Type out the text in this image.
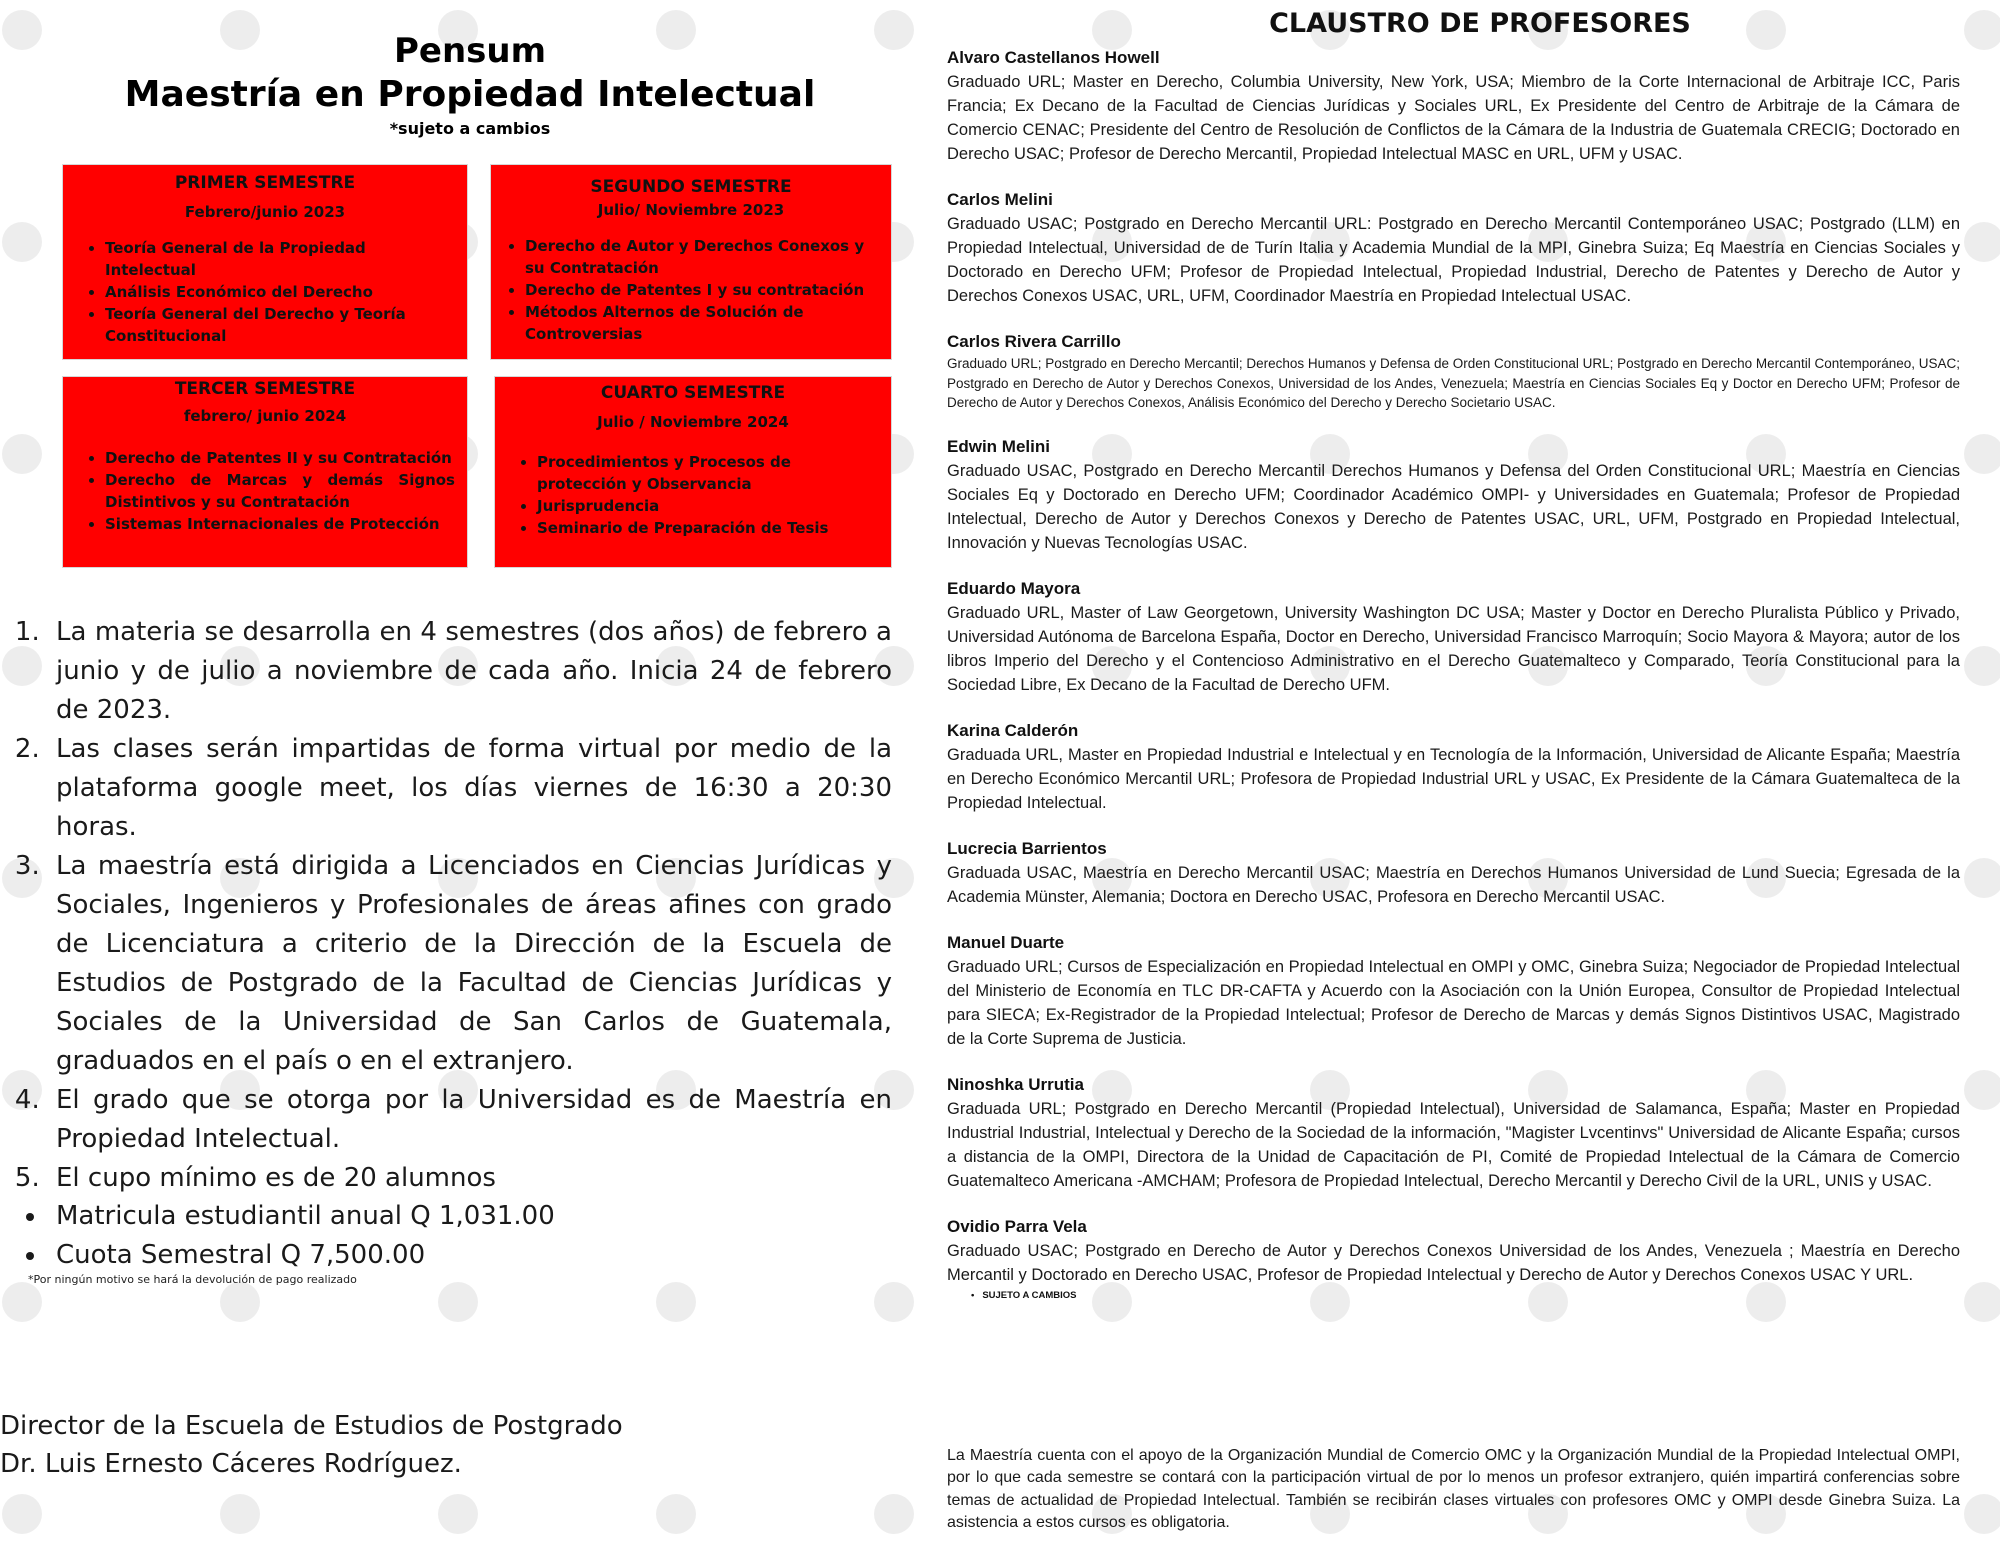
Pensum
Maestría en Propiedad Intelectual
*sujeto a cambios
PRIMER SEMESTRE
Febrero/junio 2023
• Teoría General de la Propiedad Intelectual
• Análisis Económico del Derecho
• Teoría General del Derecho y Teoría Constitucional
SEGUNDO SEMESTRE
Julio/ Noviembre 2023
• Derecho de Autor y Derechos Conexos y su Contratación
• Derecho de Patentes I y su contratación
• Métodos Alternos de Solución de Controversias
TERCER SEMESTRE
febrero/ junio 2024
• Derecho de Patentes II y su Contratación
• Derecho de Marcas y demás Signos Distintivos y su Contratación
• Sistemas Internacionales de Protección
CUARTO SEMESTRE
Julio / Noviembre 2024
• Procedimientos y Procesos de protección y Observancia
• Jurisprudencia
• Seminario de Preparación de Tesis
1. La materia se desarrolla en 4 semestres (dos años) de febrero a junio y de julio a noviembre de cada año. Inicia 24 de febrero de 2023.
2. Las clases serán impartidas de forma virtual por medio de la plataforma google meet, los días viernes de 16:30 a 20:30 horas.
3. La maestría está dirigida a Licenciados en Ciencias Jurídicas y Sociales, Ingenieros y Profesionales de áreas afines con grado de Licenciatura a criterio de la Dirección de la Escuela de Estudios de Postgrado de la Facultad de Ciencias Jurídicas y Sociales de la Universidad de San Carlos de Guatemala, graduados en el país o en el extranjero.
4. El grado que se otorga por la Universidad es de Maestría en Propiedad Intelectual.
5. El cupo mínimo es de 20 alumnos
• Matricula estudiantil anual Q 1,031.00
• Cuota Semestral Q 7,500.00
*Por ningún motivo se hará la devolución de pago realizado
Director de la Escuela de Estudios de Postgrado
Dr. Luis Ernesto Cáceres Rodríguez.
CLAUSTRO DE PROFESORES
Alvaro Castellanos Howell
Graduado URL; Master en Derecho, Columbia University, New York, USA; Miembro de la Corte Internacional de Arbitraje ICC, Paris Francia; Ex Decano de la Facultad de Ciencias Jurídicas y Sociales URL, Ex Presidente del Centro de Arbitraje de la Cámara de Comercio CENAC; Presidente del Centro de Resolución de Conflictos de la Cámara de la Industria de Guatemala CRECIG; Doctorado en Derecho USAC; Profesor de Derecho Mercantil, Propiedad Intelectual MASC en URL, UFM y USAC.
Carlos Melini
Graduado USAC; Postgrado en Derecho Mercantil URL: Postgrado en Derecho Mercantil Contemporáneo USAC; Postgrado (LLM) en Propiedad Intelectual, Universidad de de Turín Italia y Academia Mundial de la MPI, Ginebra Suiza; Eq Maestría en Ciencias Sociales y Doctorado en Derecho UFM; Profesor de Propiedad Intelectual, Propiedad Industrial, Derecho de Patentes y Derecho de Autor y Derechos Conexos USAC, URL, UFM, Coordinador Maestría en Propiedad Intelectual USAC.
Carlos Rivera Carrillo
Graduado URL; Postgrado en Derecho Mercantil; Derechos Humanos y Defensa de Orden Constitucional URL; Postgrado en Derecho Mercantil Contemporáneo, USAC; Postgrado en Derecho de Autor y Derechos Conexos, Universidad de los Andes, Venezuela; Maestría en Ciencias Sociales Eq y Doctor en Derecho UFM; Profesor de Derecho de Autor y Derechos Conexos, Análisis Económico del Derecho y Derecho Societario USAC.
Edwin Melini
Graduado USAC, Postgrado en Derecho Mercantil Derechos Humanos y Defensa del Orden Constitucional URL; Maestría en Ciencias Sociales Eq y Doctorado en Derecho UFM; Coordinador Académico OMPI- y Universidades en Guatemala; Profesor de Propiedad Intelectual, Derecho de Autor y Derechos Conexos y Derecho de Patentes USAC, URL, UFM, Postgrado en Propiedad Intelectual, Innovación y Nuevas Tecnologías USAC.
Eduardo Mayora
Graduado URL, Master of Law Georgetown, University Washington DC USA; Master y Doctor en Derecho Pluralista Público y Privado, Universidad Autónoma de Barcelona España, Doctor en Derecho, Universidad Francisco Marroquín; Socio Mayora & Mayora; autor de los libros Imperio del Derecho y el Contencioso Administrativo en el Derecho Guatemalteco y Comparado, Teoría Constitucional para la Sociedad Libre, Ex Decano de la Facultad de Derecho UFM.
Karina Calderón
Graduada URL, Master en Propiedad Industrial e Intelectual y en Tecnología de la Información, Universidad de Alicante España; Maestría en Derecho Económico Mercantil URL; Profesora de Propiedad Industrial URL y USAC, Ex Presidente de la Cámara Guatemalteca de la Propiedad Intelectual.
Lucrecia Barrientos
Graduada USAC, Maestría en Derecho Mercantil USAC; Maestría en Derechos Humanos Universidad de Lund Suecia; Egresada de la Academia Münster, Alemania; Doctora en Derecho USAC, Profesora en Derecho Mercantil USAC.
Manuel Duarte
Graduado URL; Cursos de Especialización en Propiedad Intelectual en OMPI y OMC, Ginebra Suiza; Negociador de Propiedad Intelectual del Ministerio de Economía en TLC DR-CAFTA y Acuerdo con la Asociación con la Unión Europea, Consultor de Propiedad Intelectual para SIECA; Ex-Registrador de la Propiedad Intelectual; Profesor de Derecho de Marcas y demás Signos Distintivos USAC, Magistrado de la Corte Suprema de Justicia.
Ninoshka Urrutia
Graduada URL; Postgrado en Derecho Mercantil (Propiedad Intelectual), Universidad de Salamanca, España; Master en Propiedad Industrial Industrial, Intelectual y Derecho de la Sociedad de la información, "Magister Lvcentinvs" Universidad de Alicante España; cursos a distancia de la OMPI, Directora de la Unidad de Capacitación de PI, Comité de Propiedad Intelectual de la Cámara de Comercio Guatemalteco Americana -AMCHAM; Profesora de Propiedad Intelectual, Derecho Mercantil y Derecho Civil de la URL, UNIS y USAC.
Ovidio Parra Vela
Graduado USAC; Postgrado en Derecho de Autor y Derechos Conexos Universidad de los Andes, Venezuela ; Maestría en Derecho Mercantil y Doctorado en Derecho USAC, Profesor de Propiedad Intelectual y Derecho de Autor y Derechos Conexos USAC Y URL.
• SUJETO A CAMBIOS
La Maestría cuenta con el apoyo de la Organización Mundial de Comercio OMC y la Organización Mundial de la Propiedad Intelectual OMPI, por lo que cada semestre se contará con la participación virtual de por lo menos un profesor extranjero, quién impartirá conferencias sobre temas de actualidad de Propiedad Intelectual. También se recibirán clases virtuales con profesores OMC y OMPI desde Ginebra Suiza. La asistencia a estos cursos es obligatoria.
